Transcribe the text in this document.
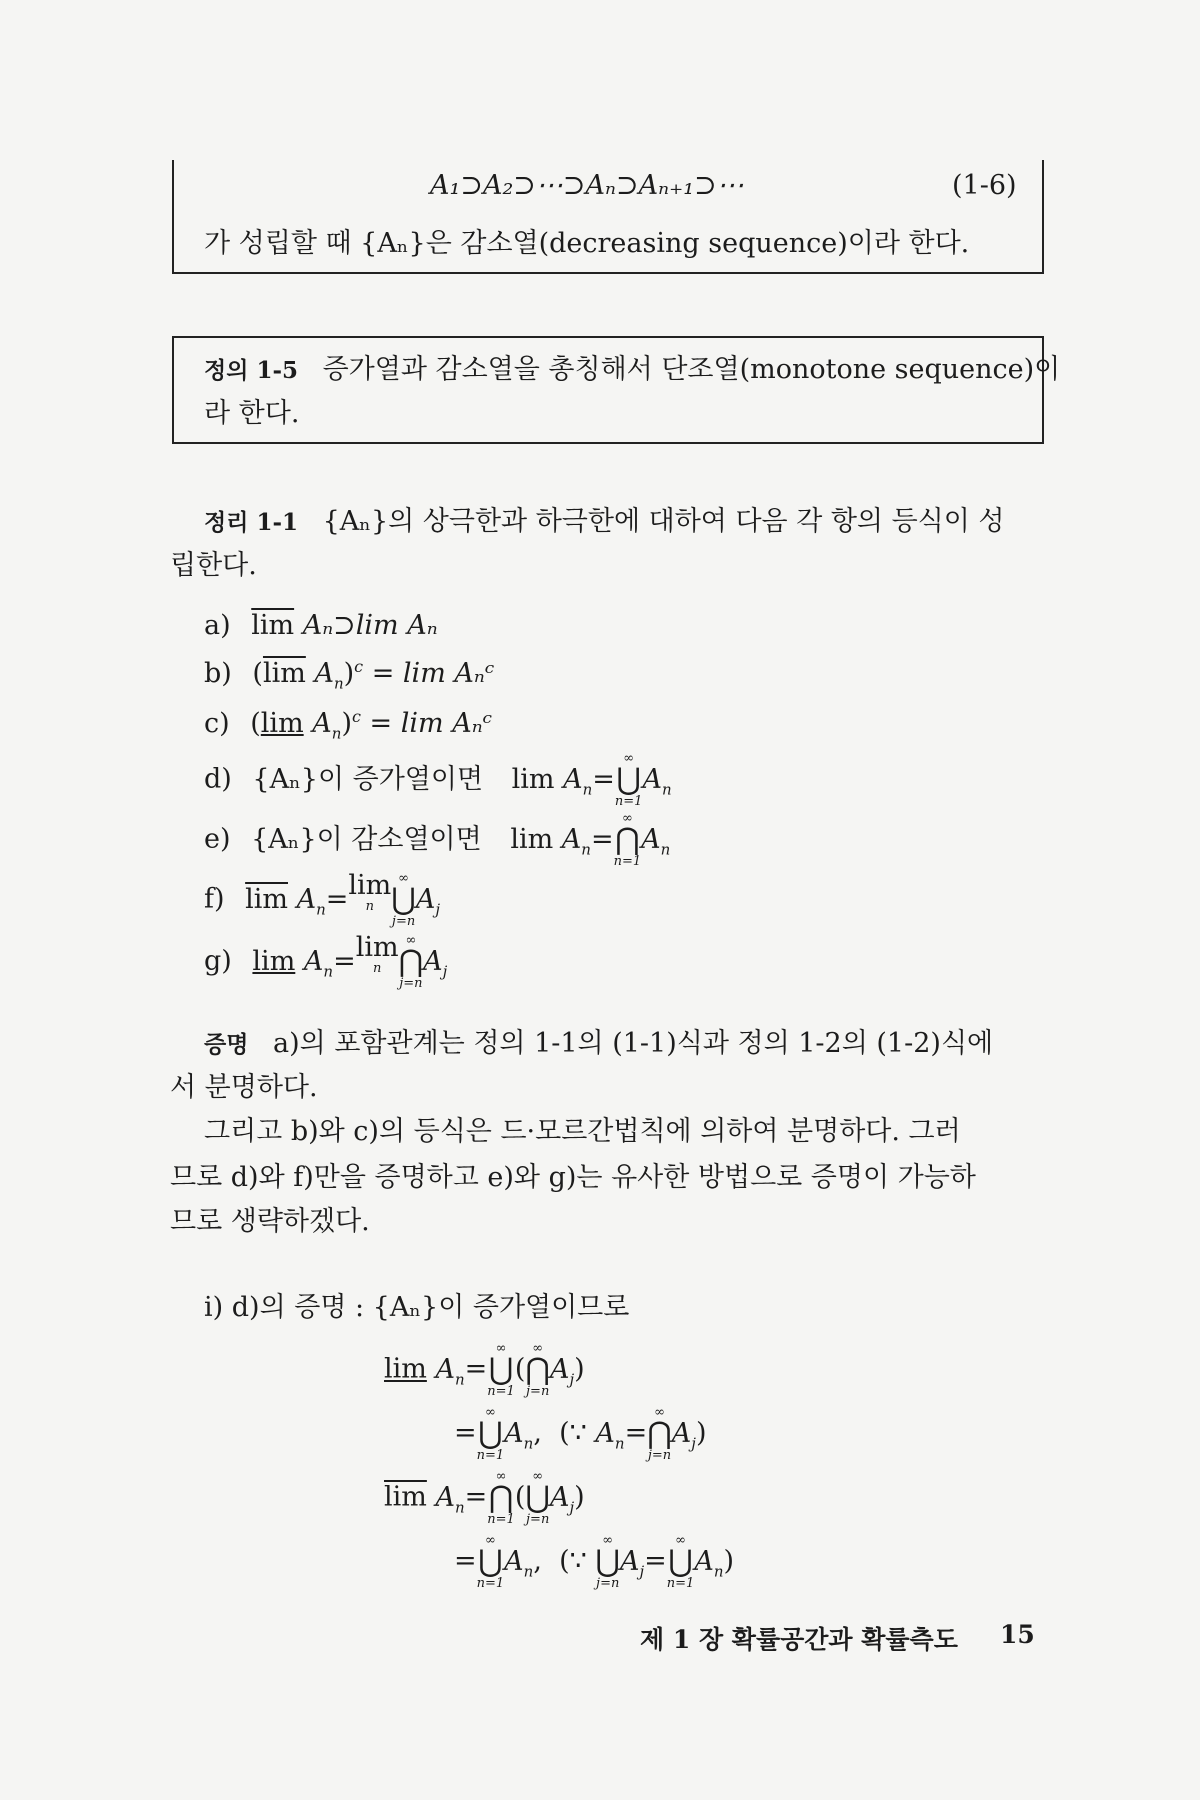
A₁⊃A₂⊃⋯⊃Aₙ⊃Aₙ₊₁⊃⋯	(1-6)
가 성립할 때 {Aₙ}은 감소열(decreasing sequence)이라 한다.
정의 1-5 증가열과 감소열을 총칭해서 단조열(monotone sequence)이
라 한다.
정리 1-1 {Aₙ}의 상극한과 하극한에 대하여 다음 각 항의 등식이 성
립한다.
a) $\overline{lim}$ Aₙ⊃lim Aₙ
b) ($\overline{lim}$ $A_n)^c = \lim$ Aₙᶜ
c) (lim $A_n)^c = \lim$ Aₙᶜ
d) {Aₙ}이 증가열이면 $\lim A_n=$
∞
⋃
n=1
$A_n$
e) {Aₙ}이 감소열이면 $\lim A_n=$
∞
⋂
n=1
$A_n$
f) $\overline{lim}$ $A_n=\lim$
n
∞
⋃
j=n
$A_j$
g) $\lim A_n=\lim$
n
∞
⋂
j=n
$A_j$
증명 a)의 포함관계는 정의 1-1의 (1-1)식과 정의 1-2의 (1-2)식에
서 분명하다.
그리고 b)와 c)의 등식은 드·모르간법칙에 의하여 분명하다. 그러
므로 d)와 f)만을 증명하고 e)와 g)는 유사한 방법으로 증명이 가능하
므로 생략하겠다.
i) d)의 증명 : {Aₙ}이 증가열이므로
$\lim A_n=$
∞
⋃
n=1
(
∞
⋂
j=n
$A_j$)
=
∞
⋃
n=1
$A_n$,  (∵ $A_n=$
∞
⋂
j=n
$A_j$)
$\overline{lim}$ $A_n=$
∞
⋂
n=1
(
∞
⋃
j=n
$A_j$)
=
∞
⋃
n=1
$A_n$,  (∵
∞
⋃
j=n
$A_j=$
∞
⋃
n=1
$A_n$)
제 1 장 확률공간과 확률측도 15
